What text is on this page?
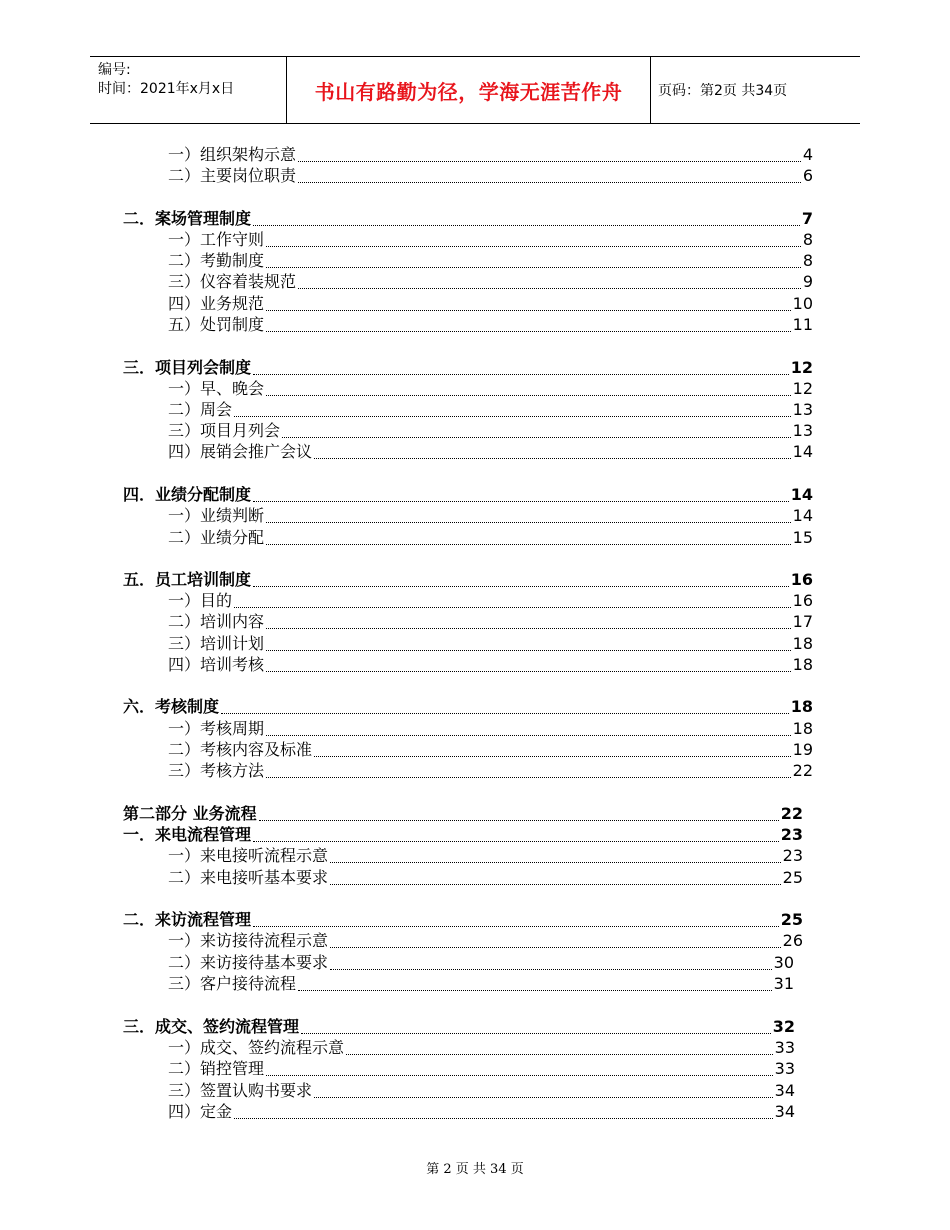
编号:
时间：2021年x月x日	书山有路勤为径，学海无涯苦作舟	页码：第2页 共34页
一）组织架构示意	4
二）主要岗位职责	6
二．案场管理制度	7
一）工作守则	8
二）考勤制度	8
三）仪容着装规范	9
四）业务规范	10
五）处罚制度	11
三．项目列会制度	12
一）早、晚会	12
二）周会	13
三）项目月列会	13
四）展销会推广会议	14
四．业绩分配制度	14
一）业绩判断	14
二）业绩分配	15
五．员工培训制度	16
一）目的	16
二）培训内容	17
三）培训计划	18
四）培训考核	18
六．考核制度	18
一）考核周期	18
二）考核内容及标准	19
三）考核方法	22
第二部分 业务流程	22
一．来电流程管理	23
一）来电接听流程示意	23
二）来电接听基本要求	25
二．来访流程管理	25
一）来访接待流程示意	26
二）来访接待基本要求	30
三）客户接待流程	31
三．成交、签约流程管理	32
一）成交、签约流程示意	33
二）销控管理	33
三）签置认购书要求	34
四）定金	34
第 2 页 共 34 页
